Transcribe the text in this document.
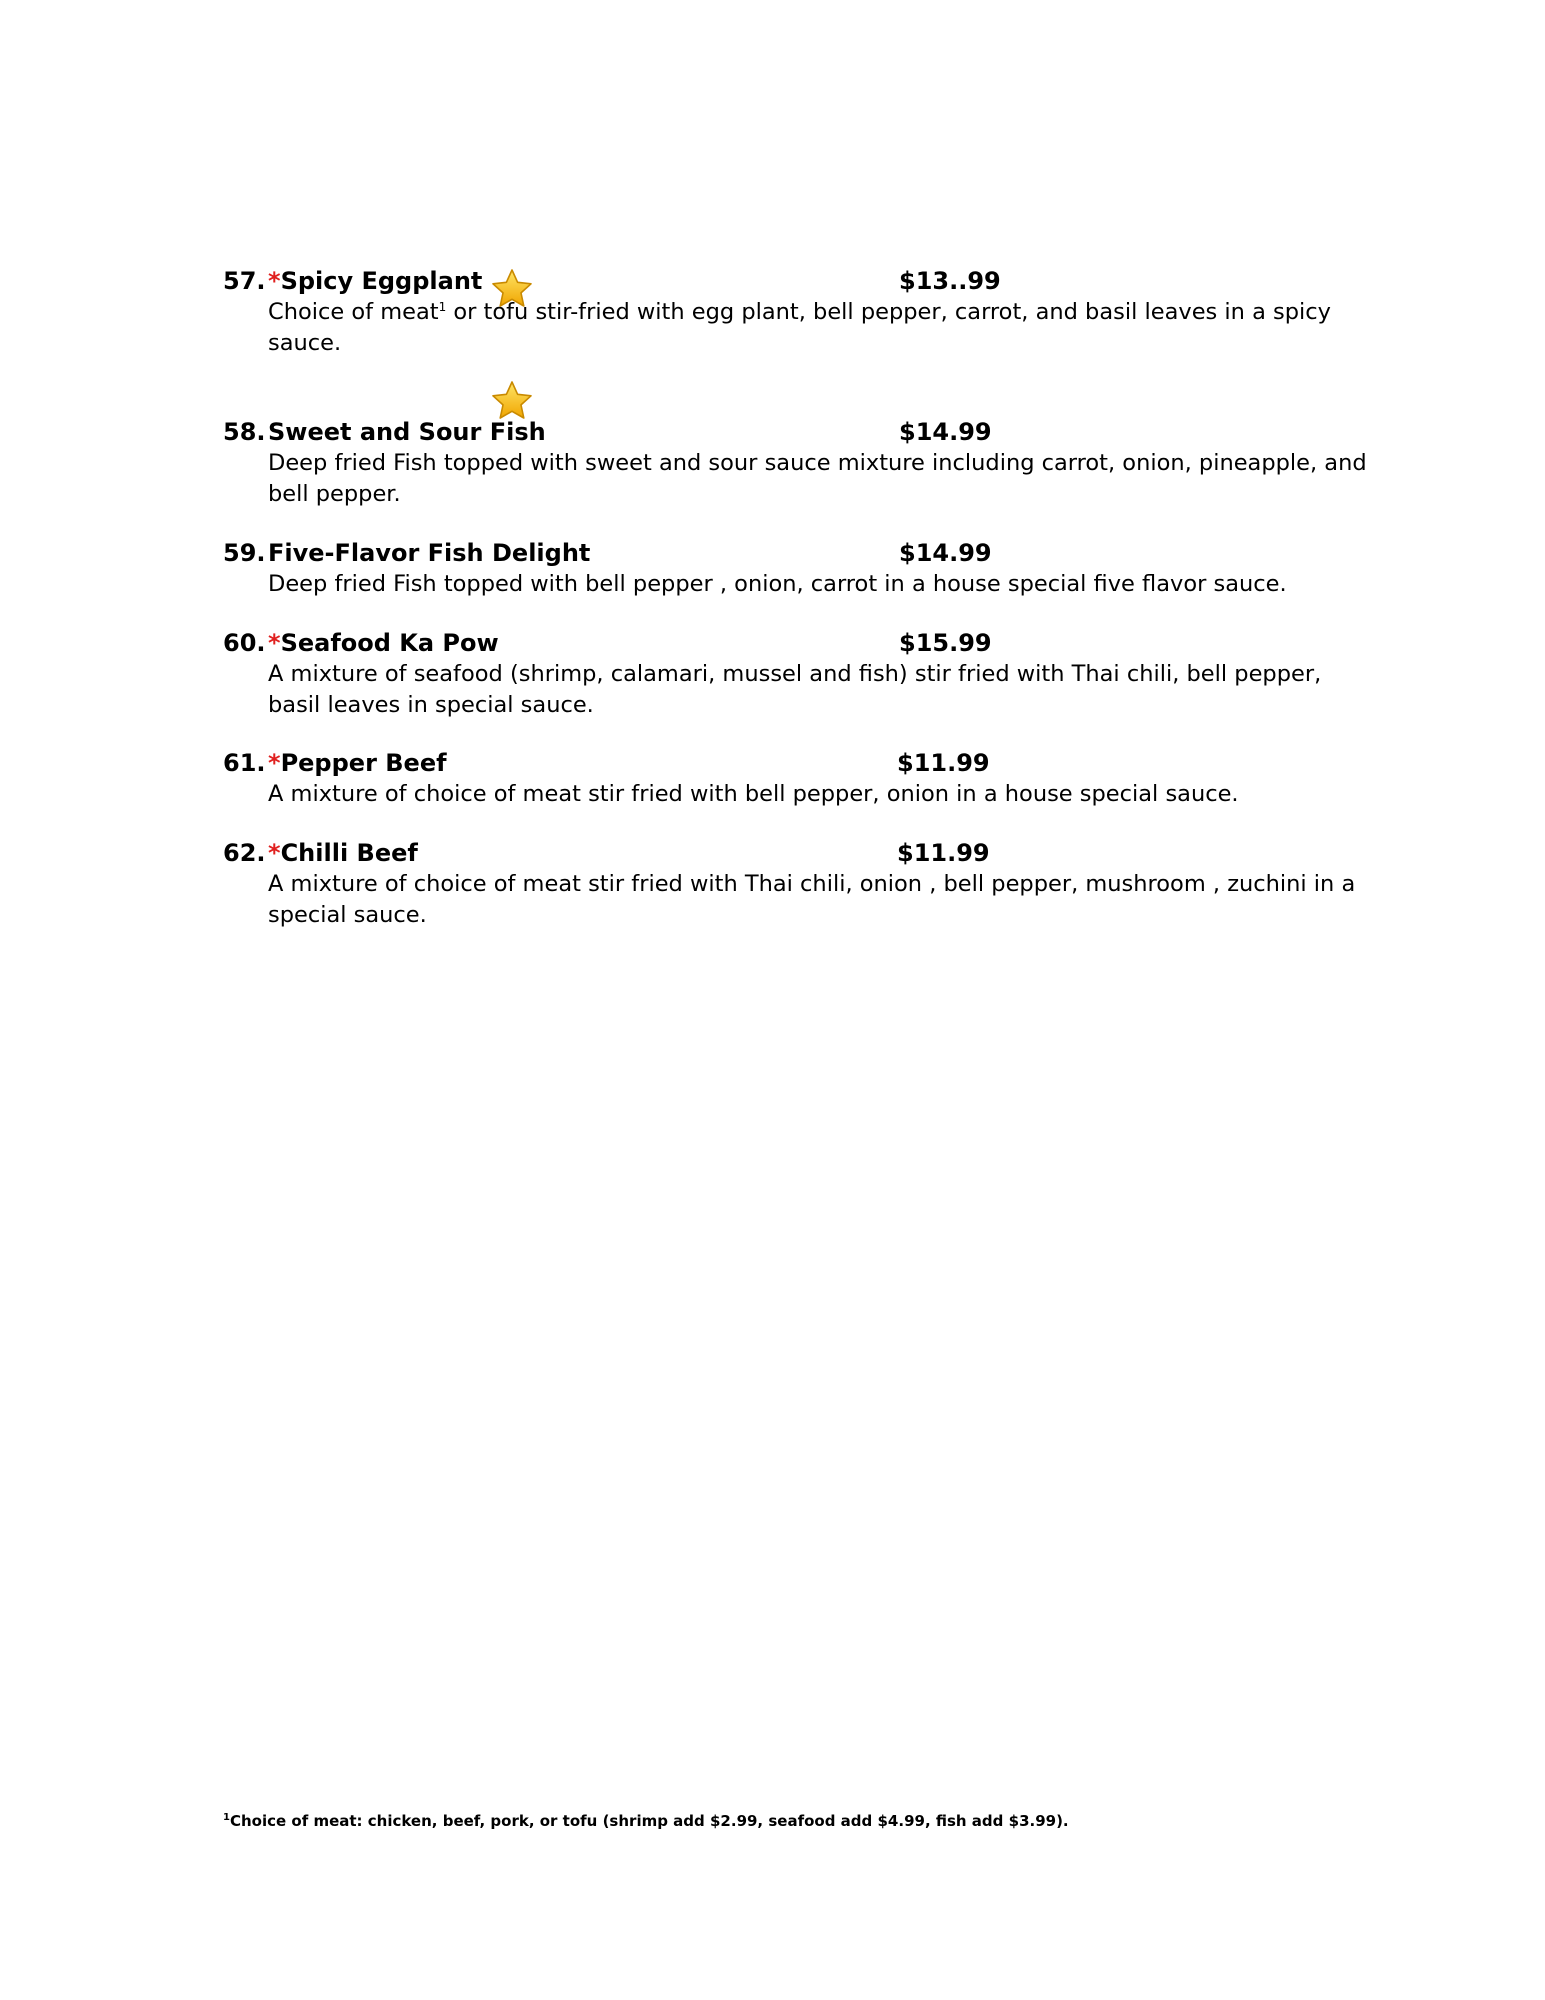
57. *Spicy Eggplant	$13..99
Choice of meat$^1$ or tofu stir-fried with egg plant, bell pepper, carrot, and basil leaves in a spicy sauce.
58. Sweet and Sour Fish	$14.99
Deep fried Fish topped with sweet and sour sauce mixture including carrot, onion, pineapple, and bell pepper.
59. Five-Flavor Fish Delight	$14.99
Deep fried Fish topped with bell pepper , onion, carrot in a house special five flavor sauce.
60. *Seafood Ka Pow	$15.99
A mixture of seafood (shrimp, calamari, mussel and fish) stir fried with Thai chili, bell pepper, basil leaves in special sauce.
61. *Pepper Beef	$11.99
A mixture of choice of meat stir fried with bell pepper, onion in a house special sauce.
62. *Chilli Beef	$11.99
A mixture of choice of meat stir fried with Thai chili, onion , bell pepper, mushroom , zuchini in a special sauce.
$^1$Choice of meat: chicken, beef, pork, or tofu (shrimp add $2.99, seafood add $4.99, fish add $3.99).
